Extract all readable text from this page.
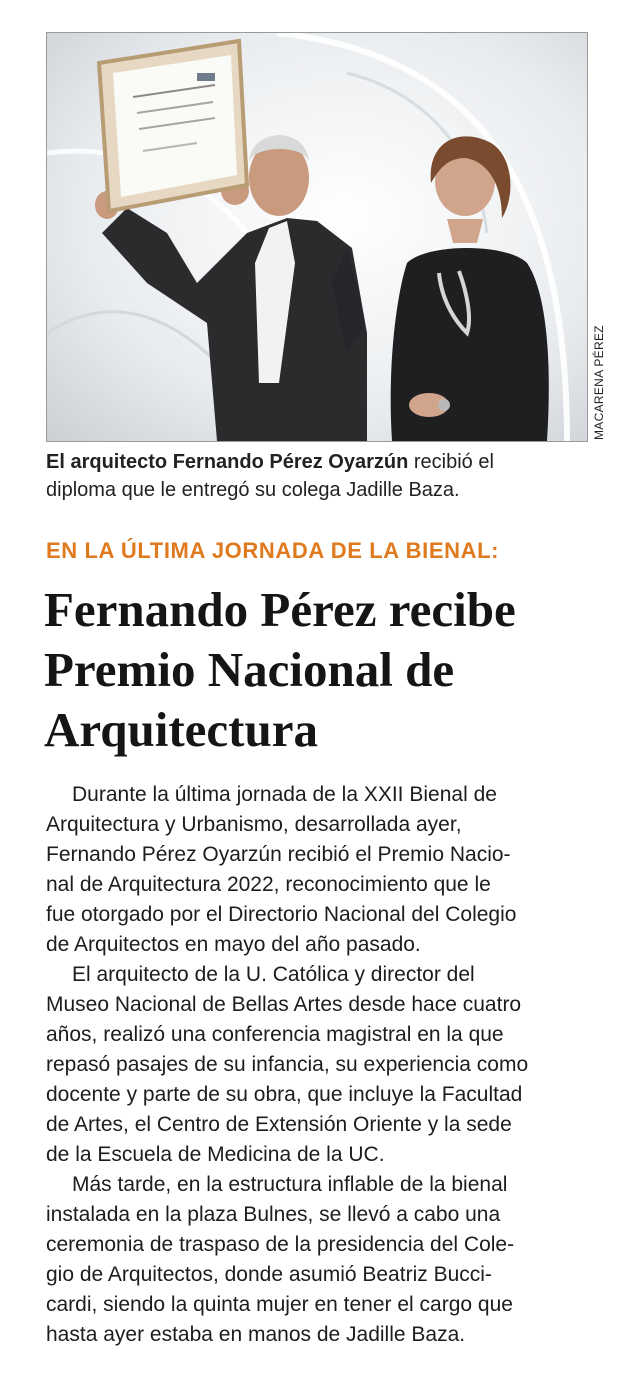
MACARENA PÉREZ
El arquitecto Fernando Pérez Oyarzún recibió el
diploma que le entregó su colega Jadille Baza.
EN LA ÚLTIMA JORNADA DE LA BIENAL:
Fernando Pérez recibe
Premio Nacional de
Arquitectura

Durante la última jornada de la XXII Bienal de
Arquitectura y Urbanismo, desarrollada ayer,
Fernando Pérez Oyarzún recibió el Premio Nacio-
nal de Arquitectura 2022, reconocimiento que le
fue otorgado por el Directorio Nacional del Colegio
de Arquitectos en mayo del año pasado.

El arquitecto de la U. Católica y director del
Museo Nacional de Bellas Artes desde hace cuatro
años, realizó una conferencia magistral en la que
repasó pasajes de su infancia, su experiencia como
docente y parte de su obra, que incluye la Facultad
de Artes, el Centro de Extensión Oriente y la sede
de la Escuela de Medicina de la UC.

Más tarde, en la estructura inflable de la bienal
instalada en la plaza Bulnes, se llevó a cabo una
ceremonia de traspaso de la presidencia del Cole-
gio de Arquitectos, donde asumió Beatriz Bucci-
cardi, siendo la quinta mujer en tener el cargo que
hasta ayer estaba en manos de Jadille Baza.
